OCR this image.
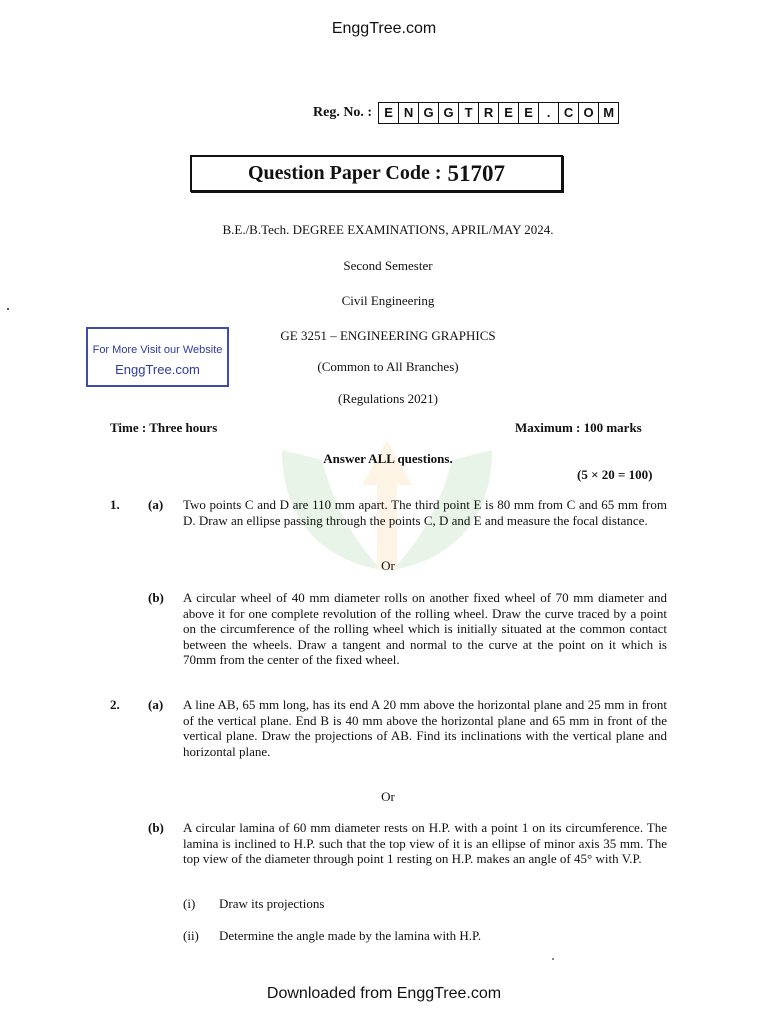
EnggTree.com
Reg. No. : E N G G T R E E	.	C O M
Question Paper Code : 51707
B.E./B.Tech. DEGREE EXAMINATIONS, APRIL/MAY 2024.
Second Semester
Civil Engineering
GE 3251 – ENGINEERING GRAPHICS
(Common to All Branches)
(Regulations 2021)
For More Visit our Website
EnggTree.com
Time : Three hours	Maximum : 100 marks
Answer ALL questions.
(5 × 20 = 100)
1. (a) Two points C and D are 110 mm apart. The third point E is 80 mm from C and 65 mm from D. Draw an ellipse passing through the points C, D and E and measure the focal distance.
Or
(b) A circular wheel of 40 mm diameter rolls on another fixed wheel of 70 mm diameter and above it for one complete revolution of the rolling wheel. Draw the curve traced by a point on the circumference of the rolling wheel which is initially situated at the common contact between the wheels. Draw a tangent and normal to the curve at the point on it which is 70mm from the center of the fixed wheel.
2. (a) A line AB, 65 mm long, has its end A 20 mm above the horizontal plane and 25 mm in front of the vertical plane. End B is 40 mm above the horizontal plane and 65 mm in front of the vertical plane. Draw the projections of AB. Find its inclinations with the vertical plane and horizontal plane.
Or
(b) A circular lamina of 60 mm diameter rests on H.P. with a point 1 on its circumference. The lamina is inclined to H.P. such that the top view of it is an ellipse of minor axis 35 mm. The top view of the diameter through point 1 resting on H.P. makes an angle of 45° with V.P.
(i) Draw its projections
(ii) Determine the angle made by the lamina with H.P.
Downloaded from EnggTree.com
